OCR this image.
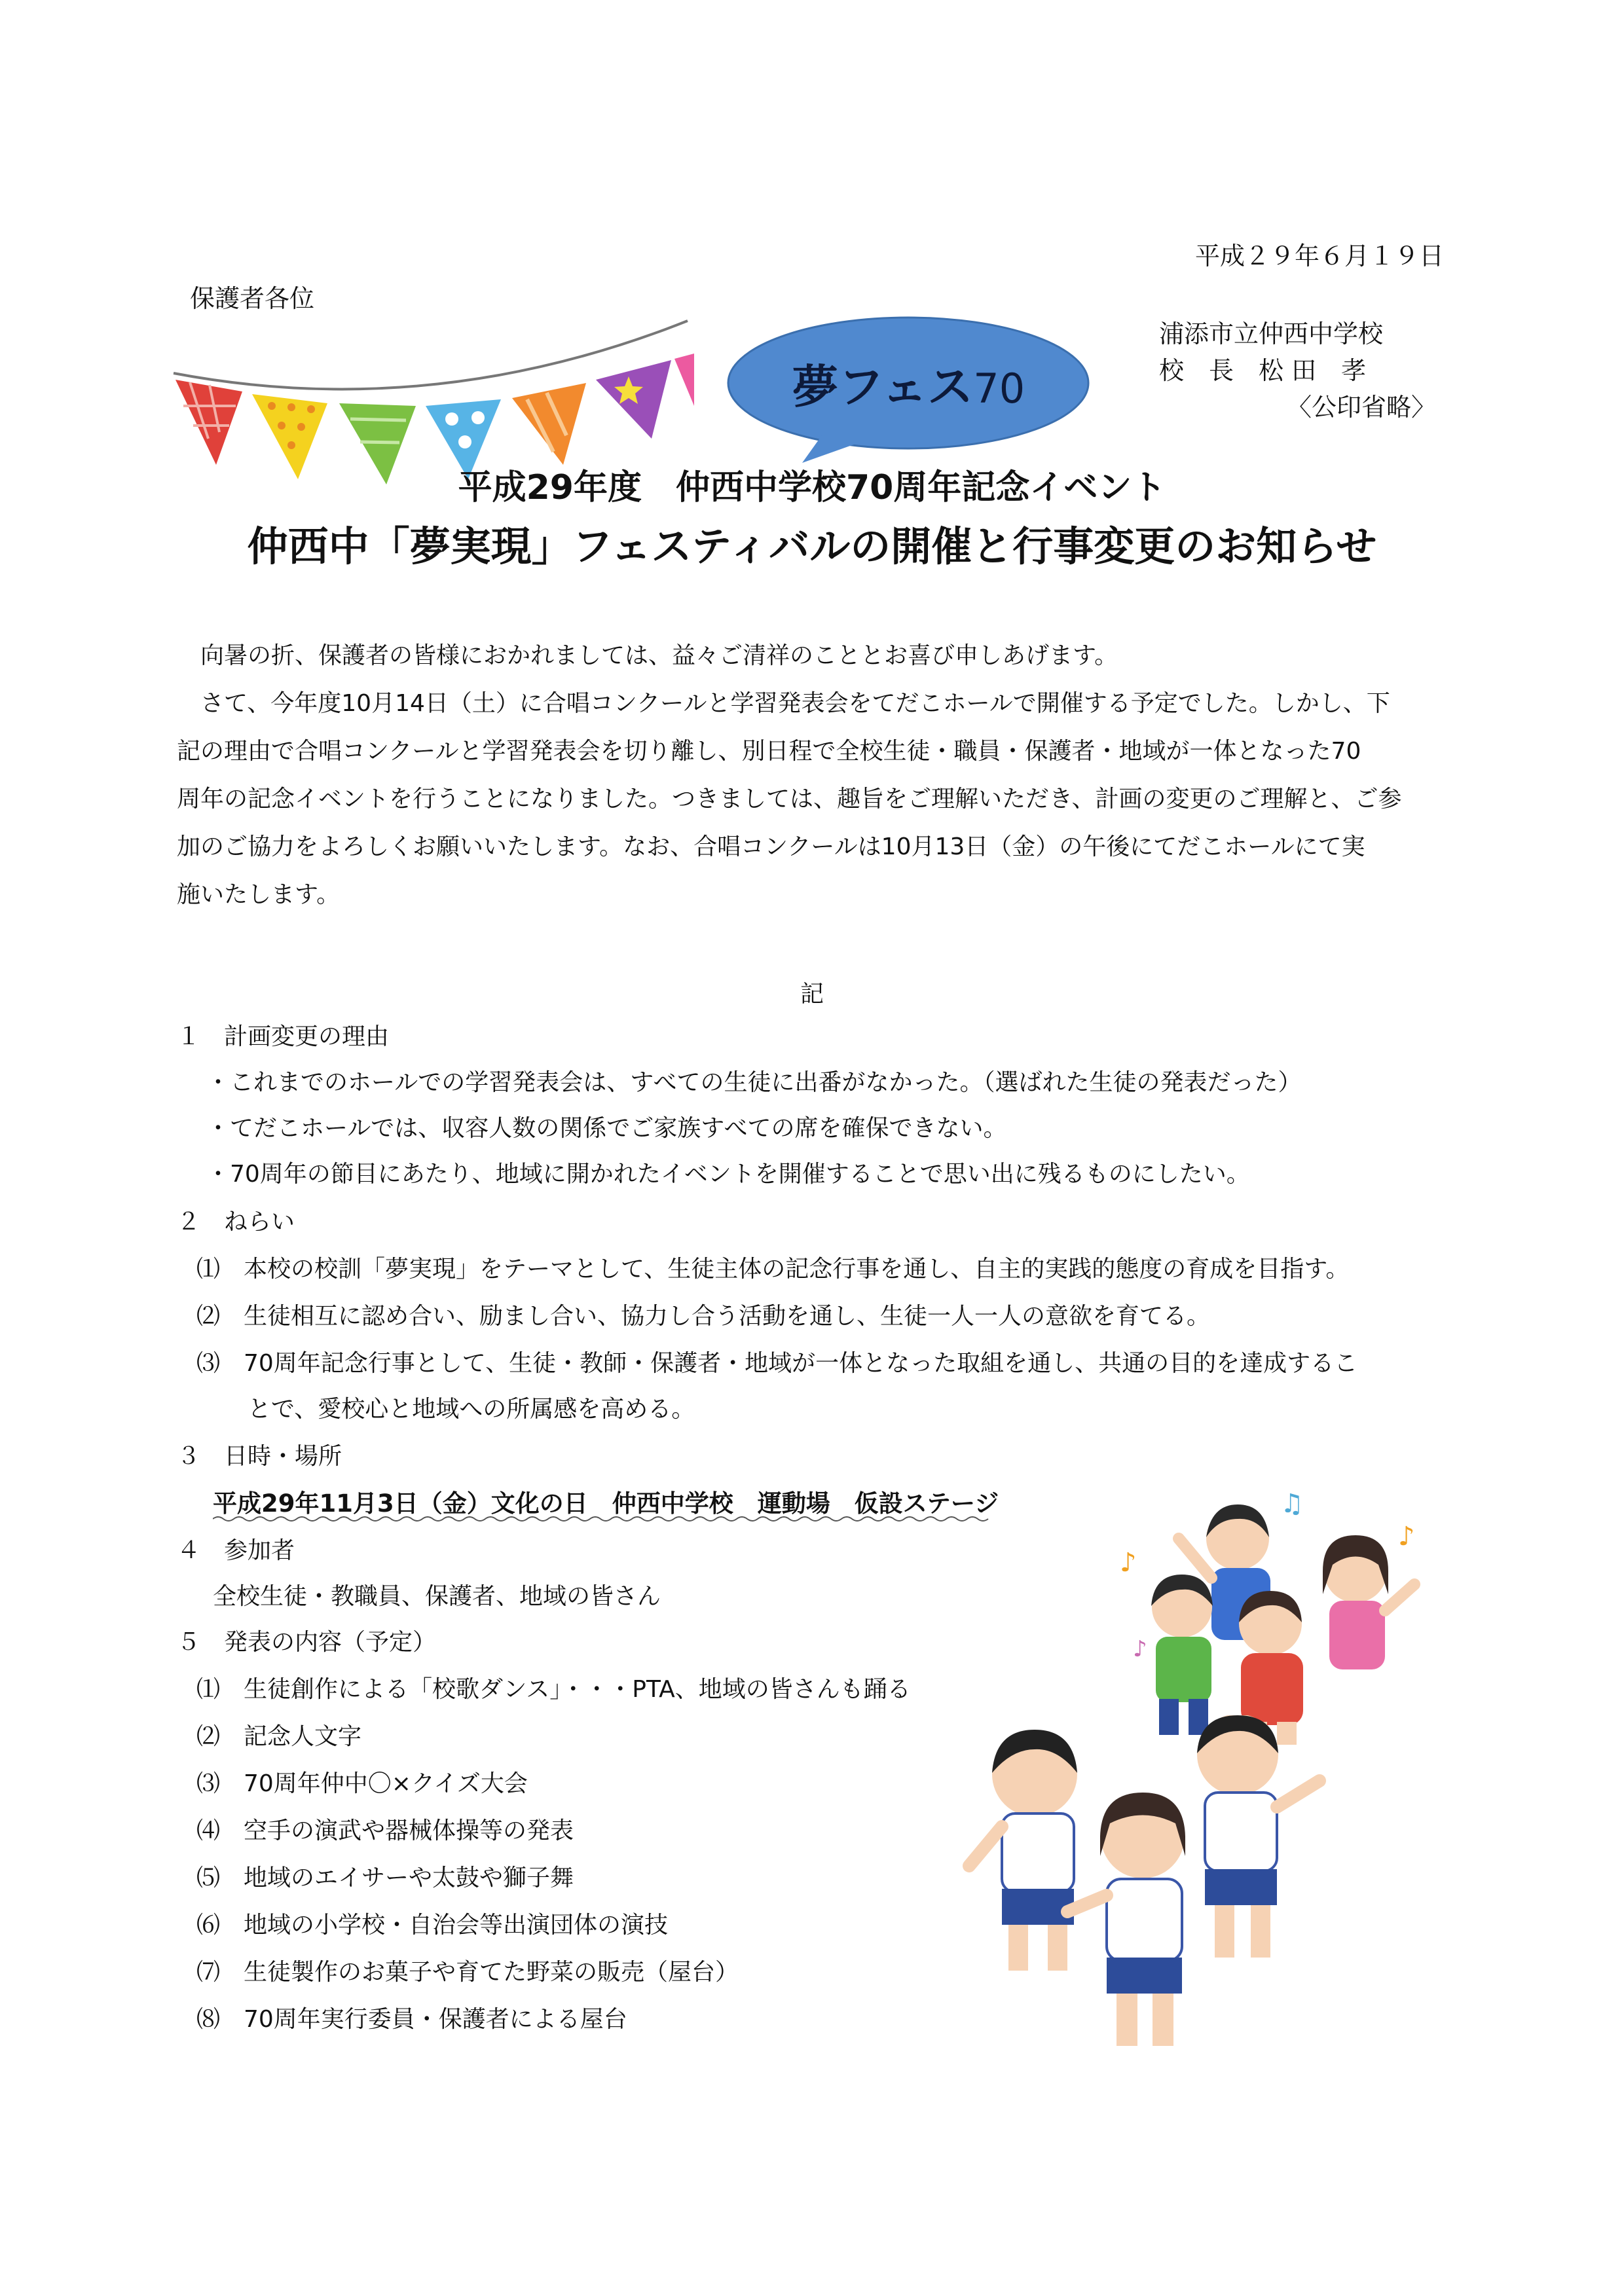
平成２９年６月１９日
保護者各位
浦添市立仲西中学校
校　長　松 田　孝
〈公印省略〉
夢フェス70
平成29年度　仲西中学校70周年記念イベント
仲西中「夢実現」フェスティバルの開催と行事変更のお知らせ

向暑の折、保護者の皆様におかれましては、益々ご清祥のこととお喜び申しあげます。

さて、今年度10月14日（土）に合唱コンクールと学習発表会をてだこホールで開催する予定でした。しかし、下

記の理由で合唱コンクールと学習発表会を切り離し、別日程で全校生徒・職員・保護者・地域が一体となった70
周年の記念イベントを行うことになりました。つきましては、趣旨をご理解いただき、計画の変更のご理解と、ご参
加のご協力をよろしくお願いいたします。なお、合唱コンクールは10月13日（金）の午後にてだこホールにて実
施いたします。
記
１　計画変更の理由
・これまでのホールでの学習発表会は、すべての生徒に出番がなかった。（選ばれた生徒の発表だった）
・てだこホールでは、収容人数の関係でご家族すべての席を確保できない。
・70周年の節目にあたり、地域に開かれたイベントを開催することで思い出に残るものにしたい。
２　ねらい
⑴　本校の校訓「夢実現」をテーマとして、生徒主体の記念行事を通し、自主的実践的態度の育成を目指す。
⑵　生徒相互に認め合い、励まし合い、協力し合う活動を通し、生徒一人一人の意欲を育てる。
⑶　70周年記念行事として、生徒・教師・保護者・地域が一体となった取組を通し、共通の目的を達成するこ
とで、愛校心と地域への所属感を高める。
３　日時・場所
平成29年11月3日（金）文化の日　仲西中学校　運動場　仮設ステージ
４　参加者
全校生徒・教職員、保護者、地域の皆さん
５　発表の内容（予定）
⑴　生徒創作による「校歌ダンス」・・・PTA、地域の皆さんも踊る
⑵　記念人文字
⑶　70周年仲中〇×クイズ大会
⑷　空手の演武や器械体操等の発表
⑸　地域のエイサーや太鼓や獅子舞
⑹　地域の小学校・自治会等出演団体の演技
⑺　生徒製作のお菓子や育てた野菜の販売（屋台）
⑻　70周年実行委員・保護者による屋台
♪
♪
♫
♪
